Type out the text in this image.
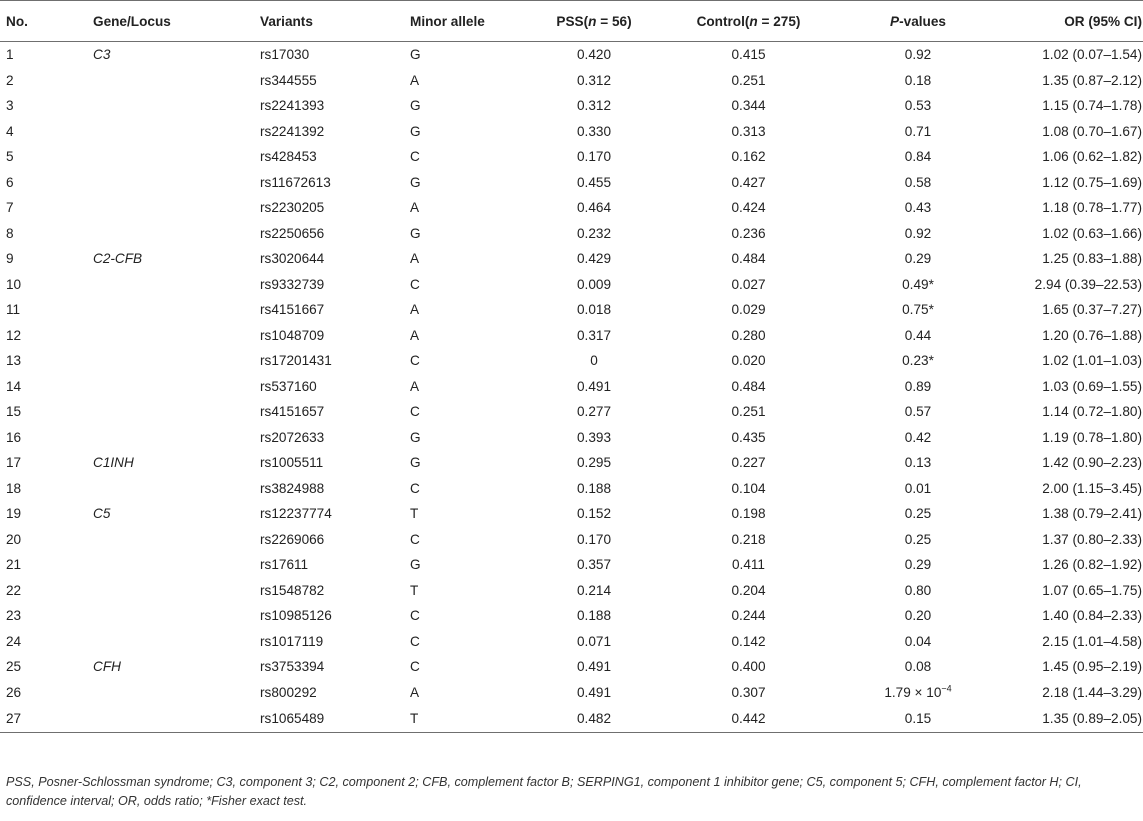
No.	Gene/Locus	Variants	Minor allele	PSS(n = 56)	Control(n = 275)	P-values	OR (95% CI)
1	C3	rs17030	G	0.420	0.415	0.92	1.02 (0.07–1.54)
2		rs344555	A	0.312	0.251	0.18	1.35 (0.87–2.12)
3		rs2241393	G	0.312	0.344	0.53	1.15 (0.74–1.78)
4		rs2241392	G	0.330	0.313	0.71	1.08 (0.70–1.67)
5		rs428453	C	0.170	0.162	0.84	1.06 (0.62–1.82)
6		rs11672613	G	0.455	0.427	0.58	1.12 (0.75–1.69)
7		rs2230205	A	0.464	0.424	0.43	1.18 (0.78–1.77)
8		rs2250656	G	0.232	0.236	0.92	1.02 (0.63–1.66)
9	C2-CFB	rs3020644	A	0.429	0.484	0.29	1.25 (0.83–1.88)
10		rs9332739	C	0.009	0.027	0.49*	2.94 (0.39–22.53)
11		rs4151667	A	0.018	0.029	0.75*	1.65 (0.37–7.27)
12		rs1048709	A	0.317	0.280	0.44	1.20 (0.76–1.88)
13		rs17201431	C	0	0.020	0.23*	1.02 (1.01–1.03)
14		rs537160	A	0.491	0.484	0.89	1.03 (0.69–1.55)
15		rs4151657	C	0.277	0.251	0.57	1.14 (0.72–1.80)
16		rs2072633	G	0.393	0.435	0.42	1.19 (0.78–1.80)
17	C1INH	rs1005511	G	0.295	0.227	0.13	1.42 (0.90–2.23)
18		rs3824988	C	0.188	0.104	0.01	2.00 (1.15–3.45)
19	C5	rs12237774	T	0.152	0.198	0.25	1.38 (0.79–2.41)
20		rs2269066	C	0.170	0.218	0.25	1.37 (0.80–2.33)
21		rs17611	G	0.357	0.411	0.29	1.26 (0.82–1.92)
22		rs1548782	T	0.214	0.204	0.80	1.07 (0.65–1.75)
23		rs10985126	C	0.188	0.244	0.20	1.40 (0.84–2.33)
24		rs1017119	C	0.071	0.142	0.04	2.15 (1.01–4.58)
25	CFH	rs3753394	C	0.491	0.400	0.08	1.45 (0.95–2.19)
26		rs800292	A	0.491	0.307	$1.79 \times 10^{-4}$	2.18 (1.44–3.29)
27		rs1065489	T	0.482	0.442	0.15	1.35 (0.89–2.05)
PSS, Posner-Schlossman syndrome; C3, component 3; C2, component 2; CFB, complement factor B; SERPING1, component 1 inhibitor gene; C5, component 5; CFH, complement factor H; CI, confidence interval; OR, odds ratio; *Fisher exact test.
